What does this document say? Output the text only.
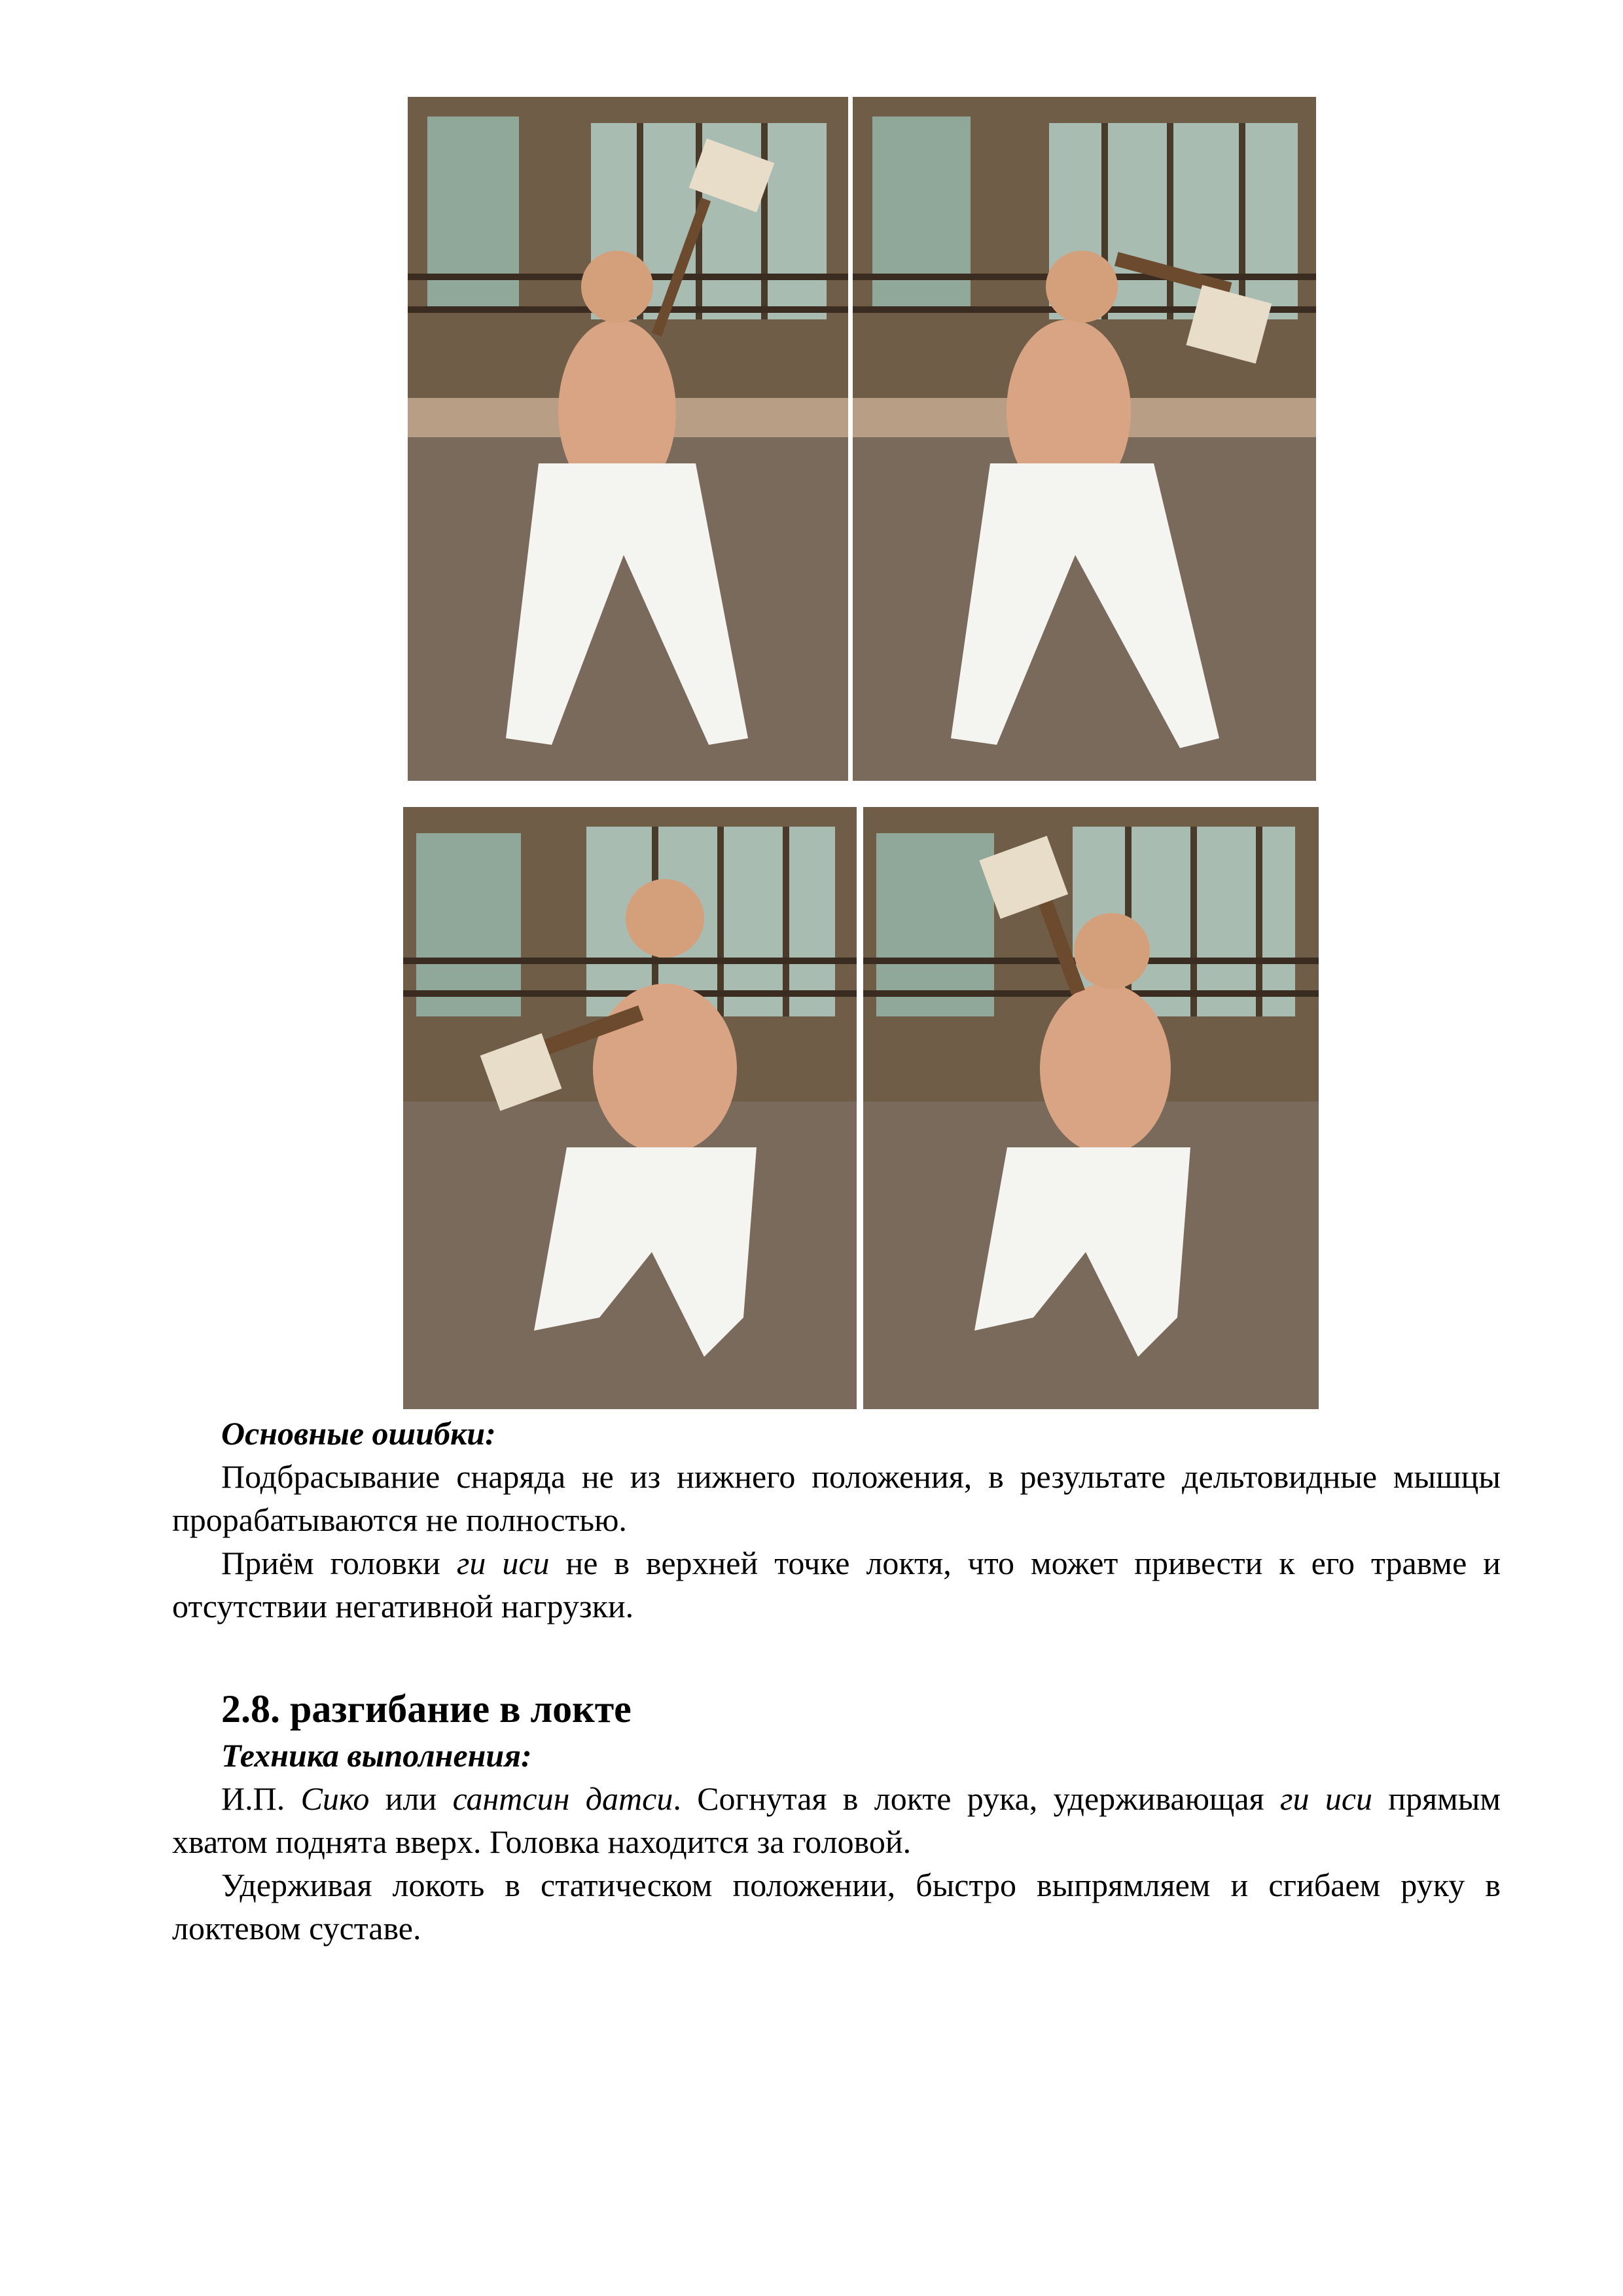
Основные ошибки:

Подбрасывание снаряда не из нижнего положения, в результате дельтовидные мышцы прорабатываются не полностью.

Приём головки ги иси не в верхней точке локтя, что может привести к его травме и отсутствии негативной нагрузки.

2.8. разгибание в локте
Техника выполнения:

И.П. Сико или сантсин датси. Согнутая в локте рука, удерживающая ги иси прямым хватом поднята вверх. Головка находится за головой.

Удерживая локоть в статическом положении, быстро выпрямляем и сгибаем руку в локтевом суставе.
